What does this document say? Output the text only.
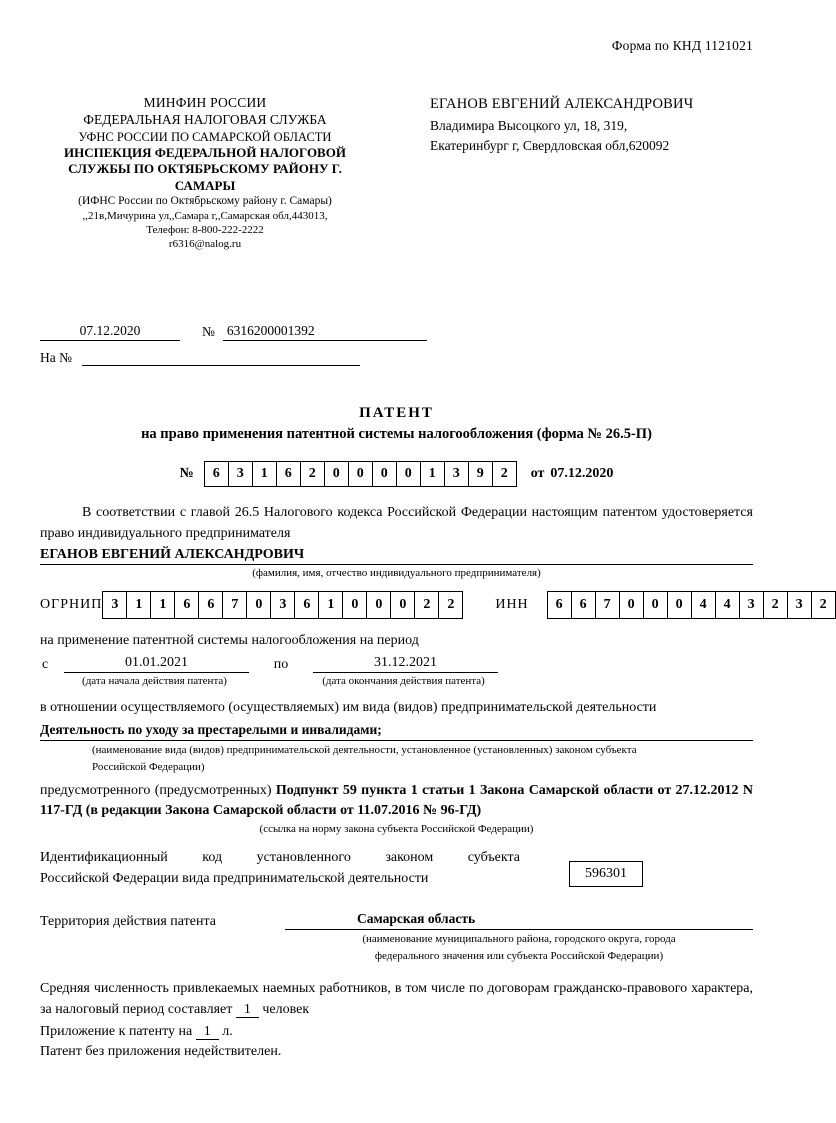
Форма по КНД 1121021
МИНФИН РОССИИ
ФЕДЕРАЛЬНАЯ НАЛОГОВАЯ СЛУЖБА
УФНС РОССИИ ПО САМАРСКОЙ ОБЛАСТИ
ИНСПЕКЦИЯ ФЕДЕРАЛЬНОЙ НАЛОГОВОЙ
СЛУЖБЫ ПО ОКТЯБРЬСКОМУ РАЙОНУ Г. САМАРЫ
(ИФНС России по Октябрьскому району г. Самары)
,,21в,Мичурина ул,,Самара г,,Самарская обл,443013,
Телефон: 8-800-222-2222
r6316@nalog.ru
ЕГАНОВ ЕВГЕНИЙ АЛЕКСАНДРОВИЧ
Владимира Высоцкого ул, 18, 319,
Екатеринбург г, Свердловская обл,620092
07.12.2020	№ 6316200001392
На №
ПАТЕНТ
на право применения патентной системы налогообложения (форма № 26.5-П)
№	6	3	1	6	2	0	0	0	0	1	3	9	2	от 07.12.2020
В соответствии с главой 26.5 Налогового кодекса Российской Федерации настоящим патентом удостоверяется право индивидуального предпринимателя
ЕГАНОВ ЕВГЕНИЙ АЛЕКСАНДРОВИЧ
(фамилия, имя, отчество индивидуального предпринимателя)
ОГРНИП 3	1	1	6	6	7	0	3	6	1	0	0	0	2	2	ИНН	6	6	7	0	0	0	4	4	3	2	3	2
на применение патентной системы налогообложения на период
с	01.01.2021	по	31.12.2021
(дата начала действия патента)	(дата окончания действия патента)
в отношении осуществляемого (осуществляемых) им вида (видов) предпринимательской деятельности
Деятельность по уходу за престарелыми и инвалидами;
(наименование вида (видов) предпринимательской деятельности, установленное (установленных) законом субъекта
Российской Федерации)
предусмотренного (предусмотренных) Подпункт 59 пункта 1 статьи 1 Закона Самарской области от 27.12.2012 N 117-ГД (в редакции Закона Самарской области от 11.07.2016 № 96-ГД)
(ссылка на норму закона субъекта Российской Федерации)
Идентификационный код установленного законом субъекта
Российской Федерации вида предпринимательской деятельности	596301
Территория действия патента	Самарская область
(наименование муниципального района, городского округа, города
федерального значения или субъекта Российской Федерации)
Средняя численность привлекаемых наемных работников, в том числе по договорам гражданско-правового характера, за налоговый период составляет 1 человек
Приложение к патенту на 1 л.
Патент без приложения недействителен.
